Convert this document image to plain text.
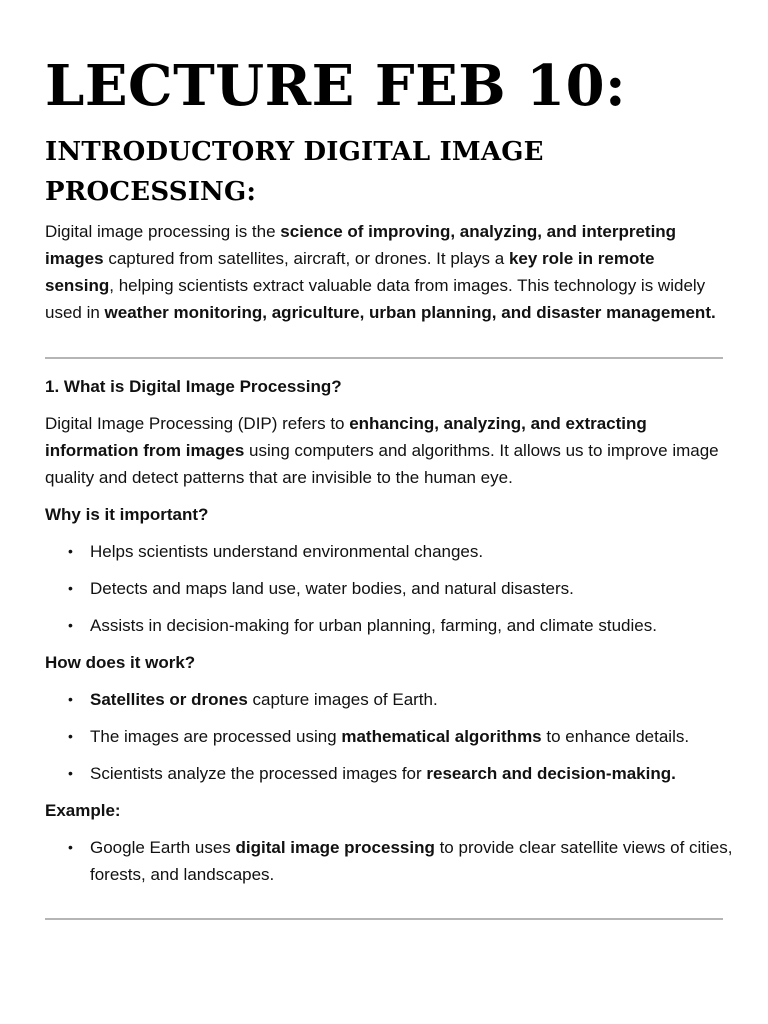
LECTURE FEB 10:
INTRODUCTORY DIGITAL IMAGE PROCESSING:

Digital image processing is the science of improving, analyzing, and interpreting images captured from satellites, aircraft, or drones. It plays a key role in remote sensing, helping scientists extract valuable data from images. This technology is widely used in weather monitoring, agriculture, urban planning, and disaster management.

1. What is Digital Image Processing?

Digital Image Processing (DIP) refers to enhancing, analyzing, and extracting information from images using computers and algorithms. It allows us to improve image quality and detect patterns that are invisible to the human eye.

Why is it important?

• Helps scientists understand environmental changes.
• Detects and maps land use, water bodies, and natural disasters.
• Assists in decision-making for urban planning, farming, and climate studies.

How does it work?

• Satellites or drones capture images of Earth.
• The images are processed using mathematical algorithms to enhance details.
• Scientists analyze the processed images for research and decision-making.

Example:

• Google Earth uses digital image processing to provide clear satellite views of cities, forests, and landscapes.
